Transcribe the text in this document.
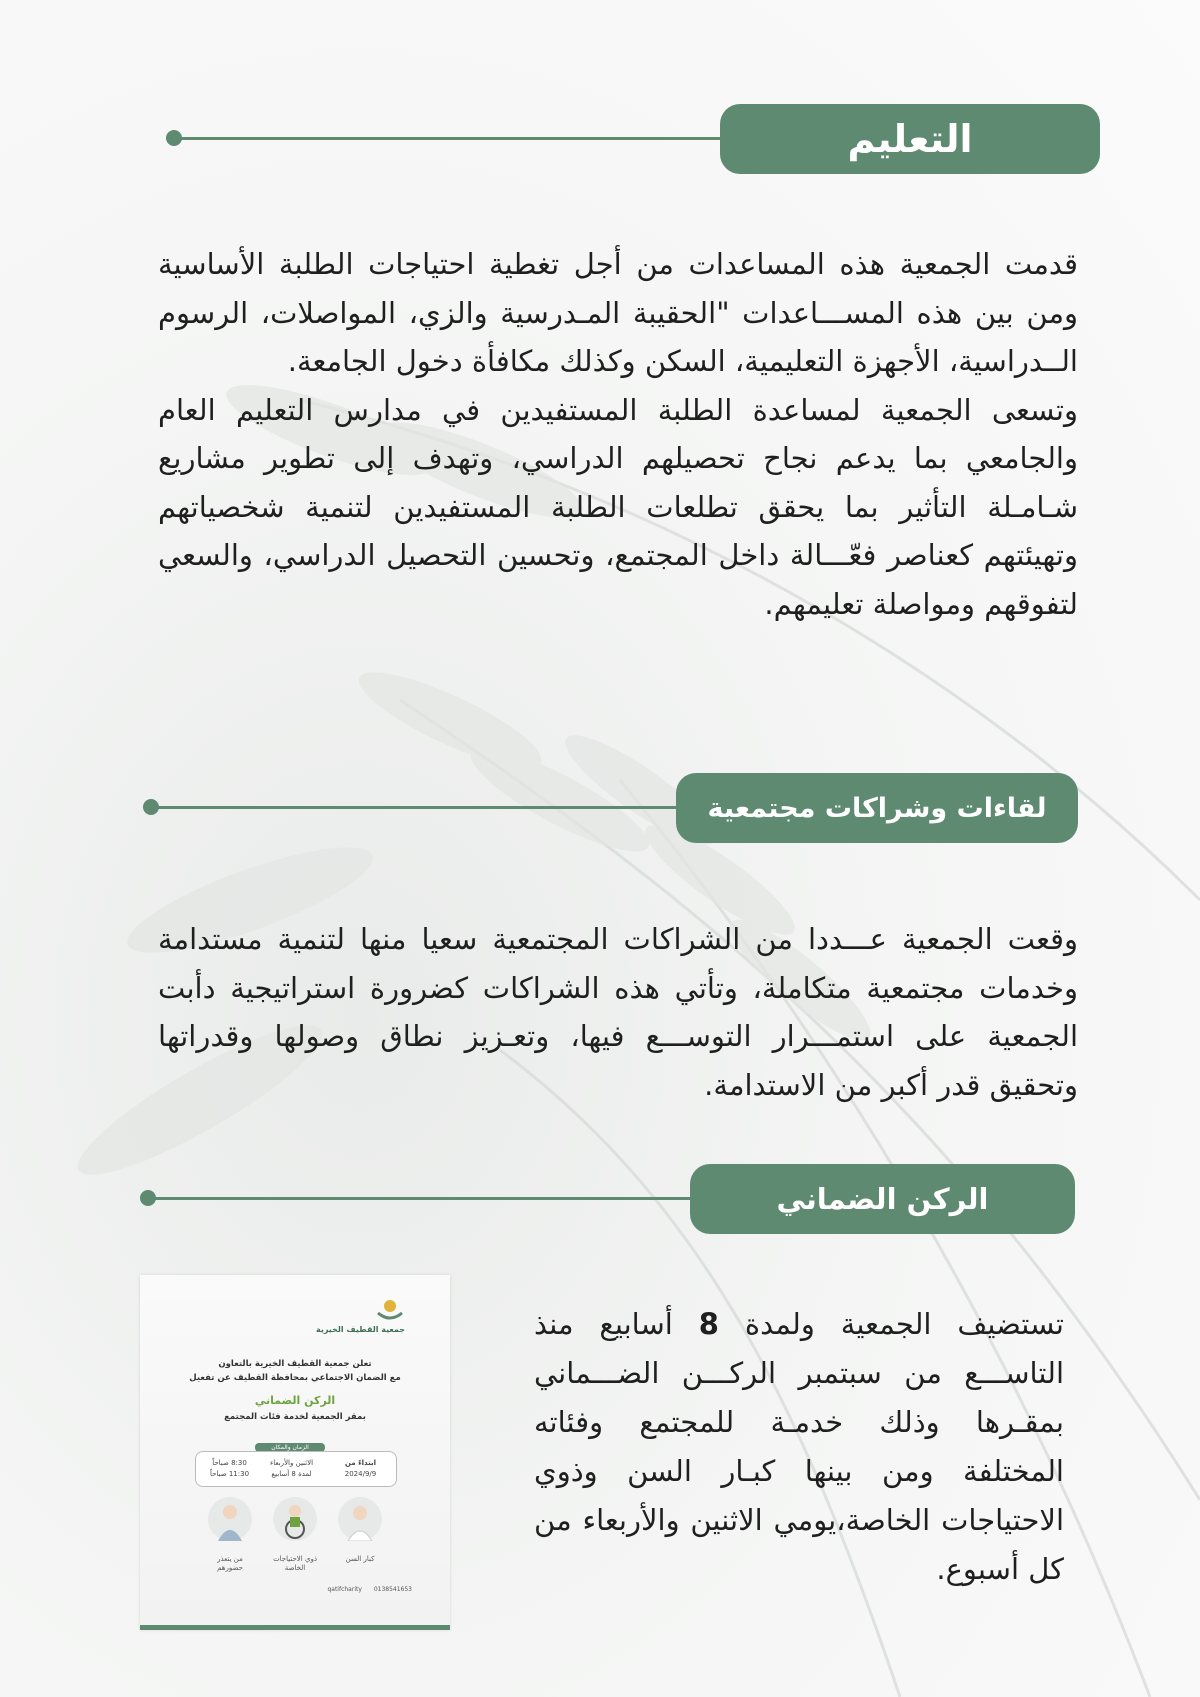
التعليم

قدمت الجمعية هذه المساعدات من أجل تغطية احتياجات الطلبة الأساسية ومن بين هذه المســـاعدات "الحقيبة المـدرسية والزي، المواصلات، الرسوم الــدراسية، الأجهزة التعليمية، السكن وكذلك مكافأة دخول الجامعة.

وتسعى الجمعية لمساعدة الطلبة المستفيدين في مدارس التعليم العام والجامعي بما يدعم نجاح تحصيلهم الدراسي، وتهدف إلى تطوير مشاريع شـامـلة التأثير بما يحقق تطلعات الطلبة المستفيدين لتنمية شخصياتهم وتهيئتهم كعناصر فعّـــالة داخل المجتمع، وتحسين التحصيل الدراسي، والسعي لتفوقهم ومواصلة تعليمهم.

لقاءات وشراكات مجتمعية

وقعت الجمعية عـــددا من الشراكات المجتمعية سعيا منها لتنمية مستدامة وخدمات مجتمعية متكاملة، وتأتي هذه الشراكات كضرورة استراتيجية دأبت الجمعية على استمـــرار التوســـع فيها، وتعـزيز نطاق وصولها وقدراتها وتحقيق قدر أكبر من الاستدامة.

الركن الضماني

تستضيف الجمعية ولمدة 8 أسابيع منذ التاســـع من سبتمبر الركـــن الضـــماني بمقـرها وذلك خدمـة للمجتمع وفئاته المختلفة ومن بينها كبـار السن وذوي الاحتياجات الخاصة،يومي الاثنين والأربعاء من كل أسبوع.

جمعية القطيف الخيرية
تعلن جمعية القطيف الخيرية بالتعاون
مع الضمان الاجتماعي بمحافظة القطيف عن تفعيل
الركن الضماني
بمقر الجمعية لخدمة فئات المجتمع
الزمان والمكان
ابتداءً من
2024/9/9
الاثنين والأربعاء
لمدة 8 أسابيع
8:30 صباحاً
11:30 صباحاً
كبار السن
ذوي الاحتياجات الخاصة
من يتعذر حضورهم
0138541653 qatifcharity
